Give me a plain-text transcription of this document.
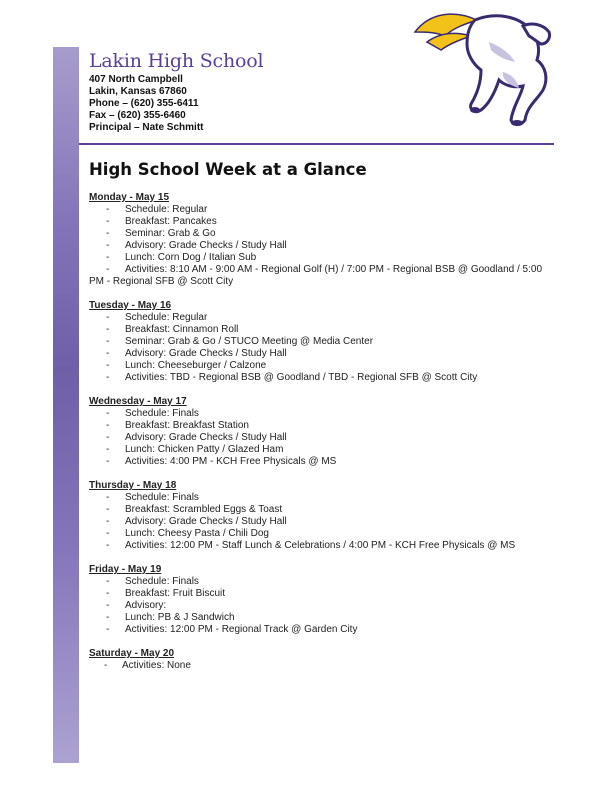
Lakin High School
407 North Campbell
Lakin, Kansas 67860
Phone – (620) 355-6411
Fax – (620) 355-6460
Principal – Nate Schmitt
High School Week at a Glance
Monday - May 15
- Schedule: Regular
- Breakfast: Pancakes
- Seminar: Grab & Go
- Advisory: Grade Checks / Study Hall
- Lunch: Corn Dog / Italian Sub
- Activities: 8:10 AM - 9:00 AM - Regional Golf (H) / 7:00 PM - Regional BSB @ Goodland / 5:00
PM - Regional SFB @ Scott City
Tuesday - May 16
- Schedule: Regular
- Breakfast: Cinnamon Roll
- Seminar: Grab & Go / STUCO Meeting @ Media Center
- Advisory: Grade Checks / Study Hall
- Lunch: Cheeseburger / Calzone
- Activities: TBD - Regional BSB @ Goodland / TBD - Regional SFB @ Scott City
Wednesday - May 17
- Schedule: Finals
- Breakfast: Breakfast Station
- Advisory: Grade Checks / Study Hall
- Lunch: Chicken Patty / Glazed Ham
- Activities: 4:00 PM - KCH Free Physicals @ MS
Thursday - May 18
- Schedule: Finals
- Breakfast: Scrambled Eggs & Toast
- Advisory: Grade Checks / Study Hall
- Lunch: Cheesy Pasta / Chili Dog
- Activities: 12:00 PM - Staff Lunch & Celebrations / 4:00 PM - KCH Free Physicals @ MS
Friday - May 19
- Schedule: Finals
- Breakfast: Fruit Biscuit
- Advisory:
- Lunch: PB & J Sandwich
- Activities: 12:00 PM - Regional Track @ Garden City
Saturday - May 20
- Activities: None
